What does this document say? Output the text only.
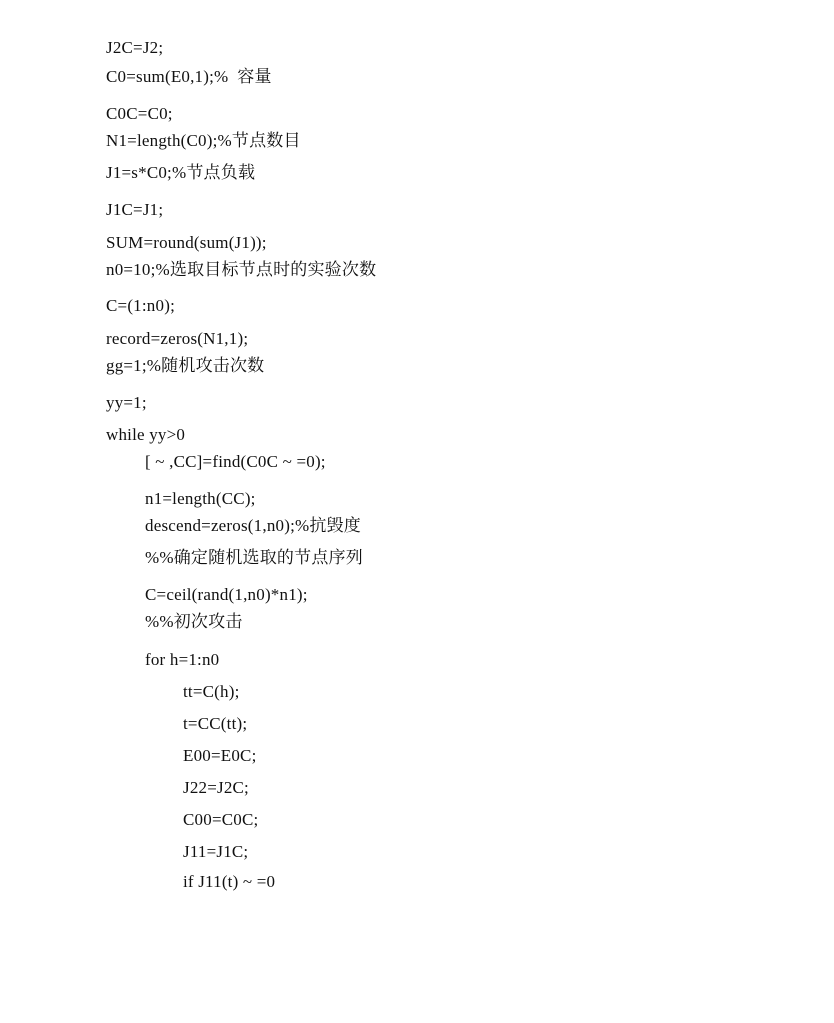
J2C=J2;
C0=sum(E0,1);%  容量
C0C=C0;
N1=length(C0);%节点数目
J1=s*C0;%节点负载
J1C=J1;
SUM=round(sum(J1));
n0=10;%选取目标节点时的实验次数
C=(1:n0);
record=zeros(N1,1);
gg=1;%随机攻击次数
yy=1;
while yy>0
[ ~ ,CC]=find(C0C ~ =0);
n1=length(CC);
descend=zeros(1,n0);%抗毁度
%%确定随机选取的节点序列
C=ceil(rand(1,n0)*n1);
%%初次攻击
for h=1:n0
tt=C(h);
t=CC(tt);
E00=E0C;
J22=J2C;
C00=C0C;
J11=J1C;
if J11(t) ~ =0
